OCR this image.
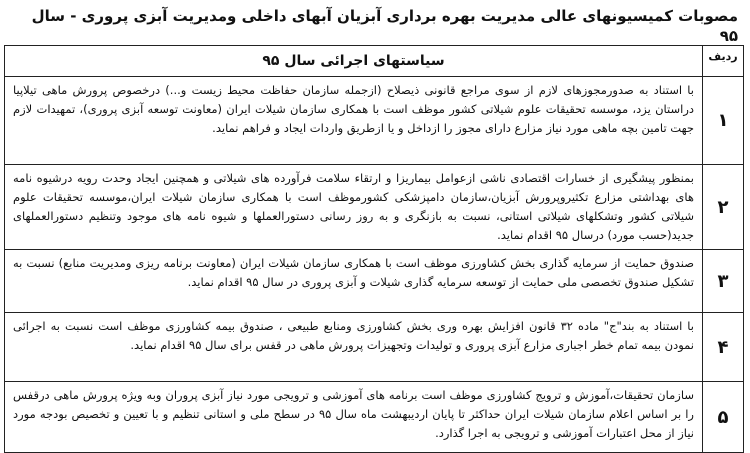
مصوبات کمیسیونهای عالی مدیریت بهره برداری آبزیان آبهای داخلی ومدیریت آبزی پروری - سال ۹۵
ردیف	سیاستهای اجرائی سال ۹۵
۱	با استناد به صدورمجوزهای لازم از سوی مراجع قانونی ذیصلاح (ازجمله سازمان حفاظت محیط زیست و...) درخصوص پرورش ماهی تیلاپیا دراستان یزد، موسسه تحقیقات علوم شیلاتی کشور موظف است با همکاری سازمان شیلات ایران (معاونت توسعه آبزی پروری)، تمهیدات لازم جهت تامین بچه ماهی مورد نیاز مزارع دارای مجوز را ازداخل و یا ازطریق واردات ایجاد و فراهم نماید.
۲	بمنظور پیشگیری از خسارات اقتصادی ناشی ازعوامل بیماریزا و ارتقاء سلامت فرآورده های شیلاتی و همچنین ایجاد وحدت رویه درشیوه نامه های بهداشتی مزارع تکثیروپرورش آبزیان،سازمان دامپزشکی کشورموظف است با همکاری سازمان شیلات ایران،موسسه تحقیقات علوم شیلاتی کشور وتشکلهای شیلاتی استانی، نسبت به بازنگری و به روز رسانی دستورالعملها و شیوه نامه های موجود وتنظیم دستورالعملهای جدید(حسب مورد) درسال ۹۵ اقدام نماید.
۳	صندوق حمایت از سرمایه گذاری بخش کشاورزی موظف است با همکاری سازمان شیلات ایران (معاونت برنامه ریزی ومدیریت منابع) نسبت به تشکیل صندوق تخصصی ملی حمایت از توسعه سرمایه گذاری شیلات و آبزی پروری در سال ۹۵ اقدام نماید.
۴	با استناد به بند"ج" ماده ۳۲ قانون افزایش بهره وری بخش کشاورزی ومنابع طبیعی ، صندوق بیمه کشاورزی موظف است نسبت به اجرائی نمودن بیمه تمام خطر اجباری مزارع آبزی پروری و تولیدات وتجهیزات پرورش ماهی در قفس برای سال ۹۵ اقدام نماید.
۵	سازمان تحقیقات،آموزش و ترویج کشاورزی موظف است برنامه های آموزشی و ترویجی مورد نیاز آبزی پروران وبه ویژه پرورش ماهی درقفس را بر اساس اعلام سازمان شیلات ایران حداکثر تا پایان اردیبهشت ماه سال ۹۵ در سطح ملی و استانی تنظیم و با تعیین و تخصیص بودجه مورد نیاز از محل اعتبارات آموزشی و ترویجی به اجرا گذارد.
